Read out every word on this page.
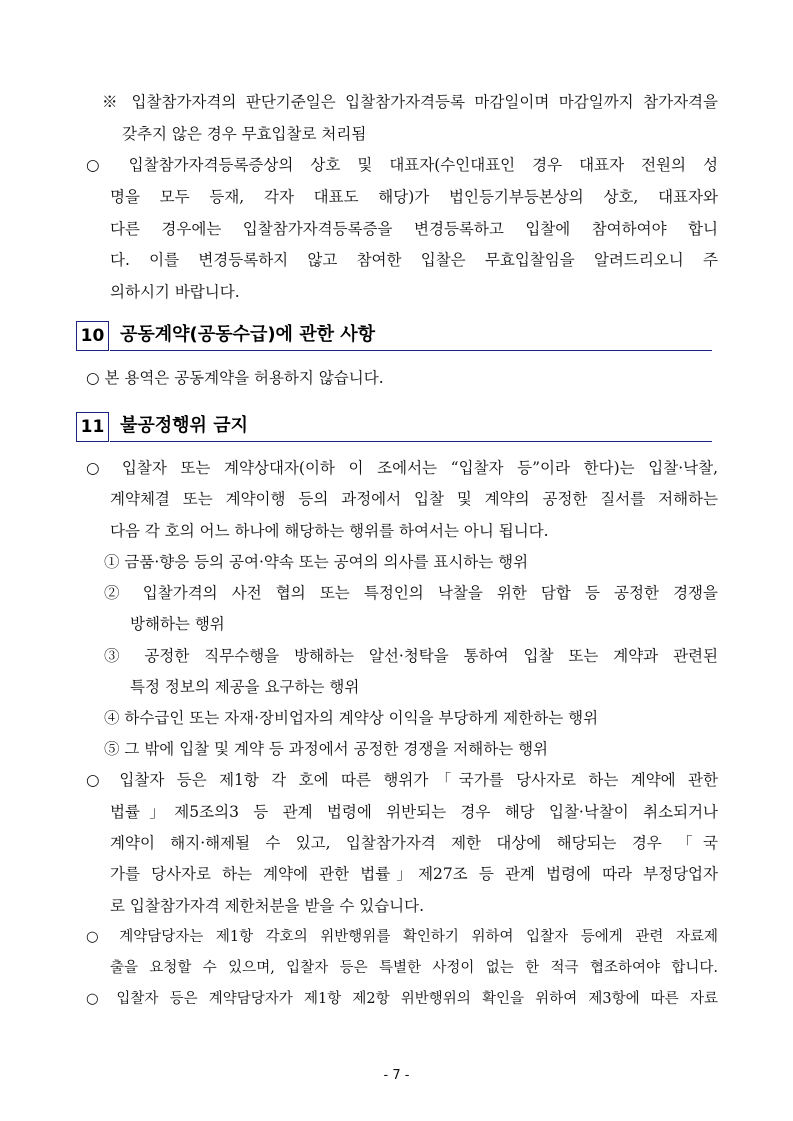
※ 입찰참가자격의 판단기준일은 입찰참가자격등록 마감일이며 마감일까지 참가자격을
갖추지 않은 경우 무효입찰로 처리됨
○ 입찰참가자격등록증상의 상호 및 대표자(수인대표인 경우 대표자 전원의 성
명을 모두 등재, 각자 대표도 해당)가 법인등기부등본상의 상호, 대표자와
다른 경우에는 입찰참가자격등록증을 변경등록하고 입찰에 참여하여야 합니
다. 이를 변경등록하지 않고 참여한 입찰은 무효입찰임을 알려드리오니 주
의하시기 바랍니다.
10 공동계약(공동수급)에 관한 사항
○ 본 용역은 공동계약을 허용하지 않습니다.
11 불공정행위 금지
○ 입찰자 또는 계약상대자(이하 이 조에서는 “입찰자 등”이라 한다)는 입찰·낙찰,
계약체결 또는 계약이행 등의 과정에서 입찰 및 계약의 공정한 질서를 저해하는
다음 각 호의 어느 하나에 해당하는 행위를 하여서는 아니 됩니다.
① 금품·향응 등의 공여·약속 또는 공여의 의사를 표시하는 행위
② 입찰가격의 사전 협의 또는 특정인의 낙찰을 위한 담합 등 공정한 경쟁을
방해하는 행위
③ 공정한 직무수행을 방해하는 알선·청탁을 통하여 입찰 또는 계약과 관련된
특정 정보의 제공을 요구하는 행위
④ 하수급인 또는 자재·장비업자의 계약상 이익을 부당하게 제한하는 행위
⑤ 그 밖에 입찰 및 계약 등 과정에서 공정한 경쟁을 저해하는 행위
○ 입찰자 등은 제1항 각 호에 따른 행위가「국가를 당사자로 하는 계약에 관한
법률」제5조의3 등 관계 법령에 위반되는 경우 해당 입찰·낙찰이 취소되거나
계약이 해지·해제될 수 있고, 입찰참가자격 제한 대상에 해당되는 경우 「국
가를 당사자로 하는 계약에 관한 법률」제27조 등 관계 법령에 따라 부정당업자
로 입찰참가자격 제한처분을 받을 수 있습니다.
○ 계약담당자는 제1항 각호의 위반행위를 확인하기 위하여 입찰자 등에게 관련 자료제
출을 요청할 수 있으며, 입찰자 등은 특별한 사정이 없는 한 적극 협조하여야 합니다.
○ 입찰자 등은 계약담당자가 제1항 제2항 위반행위의 확인을 위하여 제3항에 따른 자료
- 7 -
